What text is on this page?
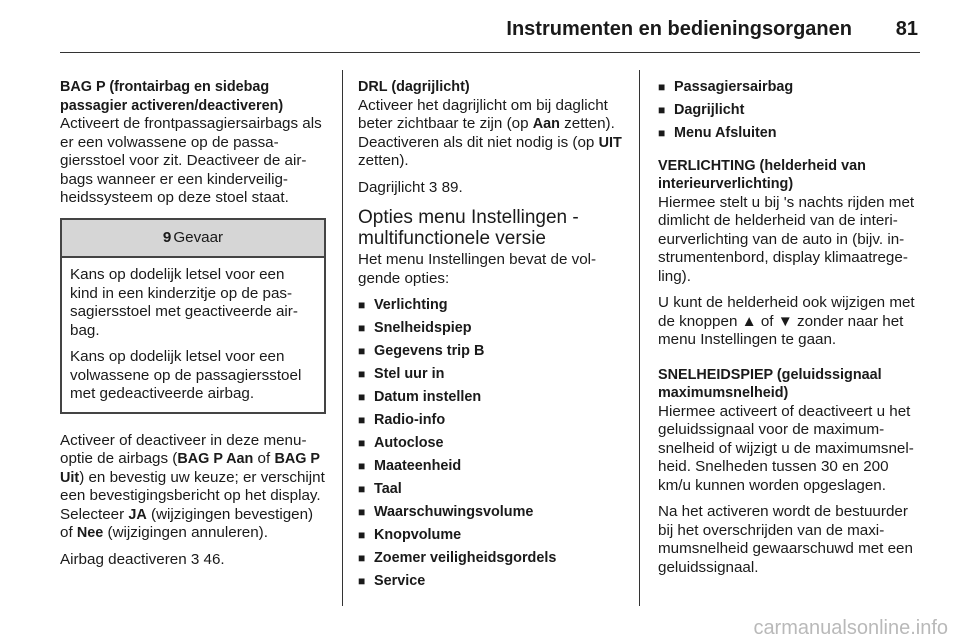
Instrumenten en bedieningsorganen 81

BAG P (frontairbag en sidebag passagier activeren/deactiveren)

Activeert de frontpassagiersairbags als er een volwassene op de passagiersstoel voor zit. Deactiveer de airbags wanneer er een kinderveiligheidssysteem op deze stoel staat.

9 Gevaar

Kans op dodelijk letsel voor een kind in een kinderzitje op de passagiersstoel met geactiveerde airbag.

Kans op dodelijk letsel voor een volwassene op de passagiersstoel met gedeactiveerde airbag.

Activeer of deactiveer in deze menuoptie de airbags (BAG P Aan of BAG P Uit) en bevestig uw keuze; er verschijnt een bevestigingsbericht op het display. Selecteer JA (wijzigingen bevestigen) of Nee (wijzigingen annuleren).

Airbag deactiveren 3 46.

DRL (dagrijlicht)

Activeer het dagrijlicht om bij daglicht beter zichtbaar te zijn (op Aan zetten). Deactiveren als dit niet nodig is (op UIT zetten).

Dagrijlicht 3 89.

Opties menu Instellingen - multifunctionele versie

Het menu Instellingen bevat de volgende opties:

■ Verlichting
■ Snelheidspiep
■ Gegevens trip B
■ Stel uur in
■ Datum instellen
■ Radio-info
■ Autoclose
■ Maateenheid
■ Taal
■ Waarschuwingsvolume
■ Knopvolume
■ Zoemer veiligheidsgordels
■ Service
■ Passagiersairbag
■ Dagrijlicht
■ Menu Afsluiten

VERLICHTING (helderheid van interieurverlichting)

Hiermee stelt u bij 's nachts rijden met dimlicht de helderheid van de interieurverlichting van de auto in (bijv. instrumentenbord, display klimaatregeling).

U kunt de helderheid ook wijzigen met de knoppen ▲ of ▼ zonder naar het menu Instellingen te gaan.

SNELHEIDSPIEP (geluidssignaal maximumsnelheid)

Hiermee activeert of deactiveert u het geluidssignaal voor de maximumsnelheid of wijzigt u de maximumsnelheid. Snelheden tussen 30 en 200 km/u kunnen worden opgeslagen.

Na het activeren wordt de bestuurder bij het overschrijden van de maximumsnelheid gewaarschuwd met een geluidssignaal.

carmanualsonline.info
